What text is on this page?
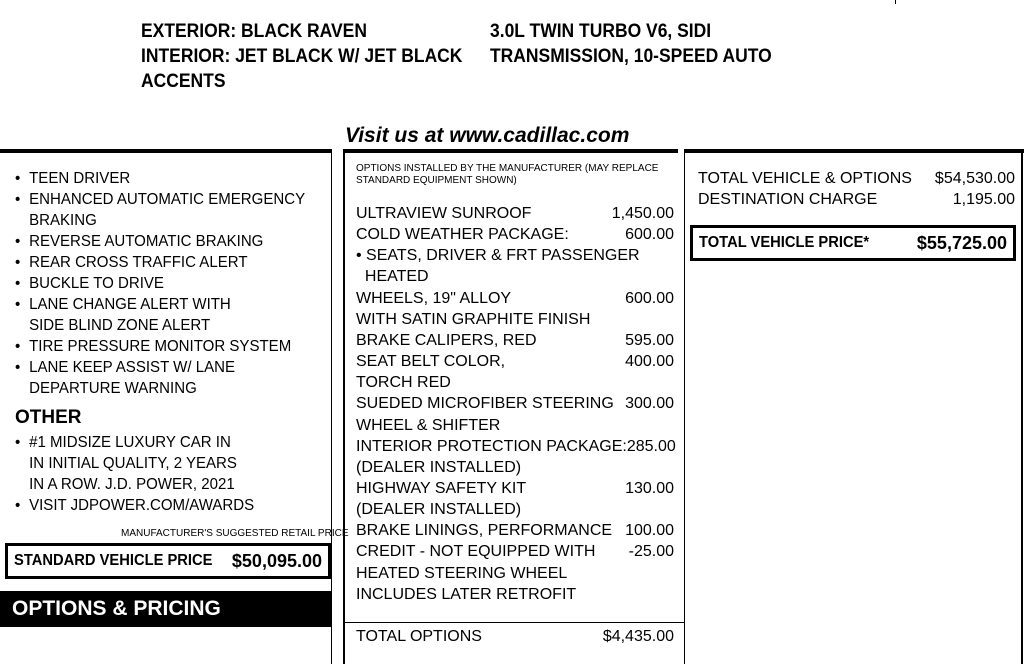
EXTERIOR: BLACK RAVEN
INTERIOR: JET BLACK W/ JET BLACK
ACCENTS
3.0L TWIN TURBO V6, SIDI
TRANSMISSION, 10-SPEED AUTO
Visit us at www.cadillac.com
• TEEN DRIVER
• ENHANCED AUTOMATIC EMERGENCY
BRAKING
• REVERSE AUTOMATIC BRAKING
• REAR CROSS TRAFFIC ALERT
• BUCKLE TO DRIVE
• LANE CHANGE ALERT WITH
SIDE BLIND ZONE ALERT
• TIRE PRESSURE MONITOR SYSTEM
• LANE KEEP ASSIST W/ LANE
DEPARTURE WARNING
OTHER
• #1 MIDSIZE LUXURY CAR IN
IN INITIAL QUALITY, 2 YEARS
IN A ROW. J.D. POWER, 2021
• VISIT JDPOWER.COM/AWARDS
MANUFACTURER'S SUGGESTED RETAIL PRICE
STANDARD VEHICLE PRICE $50,095.00
OPTIONS & PRICING
OPTIONS INSTALLED BY THE MANUFACTURER (MAY REPLACE
STANDARD EQUIPMENT SHOWN)
ULTRAVIEW SUNROOF	1,450.00
COLD WEATHER PACKAGE:	600.00
• SEATS, DRIVER & FRT PASSENGER
HEATED
WHEELS, 19" ALLOY	600.00
WITH SATIN GRAPHITE FINISH
BRAKE CALIPERS, RED	595.00
SEAT BELT COLOR,	400.00
TORCH RED
SUEDED MICROFIBER STEERING 300.00
WHEEL & SHIFTER
INTERIOR PROTECTION PACKAGE: 285.00
(DEALER INSTALLED)
HIGHWAY SAFETY KIT	130.00
(DEALER INSTALLED)
BRAKE LININGS, PERFORMANCE 100.00
CREDIT - NOT EQUIPPED WITH -25.00
HEATED STEERING WHEEL
INCLUDES LATER RETROFIT
TOTAL OPTIONS	$4,435.00
TOTAL VEHICLE & OPTIONS	$54,530.00
DESTINATION CHARGE	1,195.00
TOTAL VEHICLE PRICE*	$55,725.00
